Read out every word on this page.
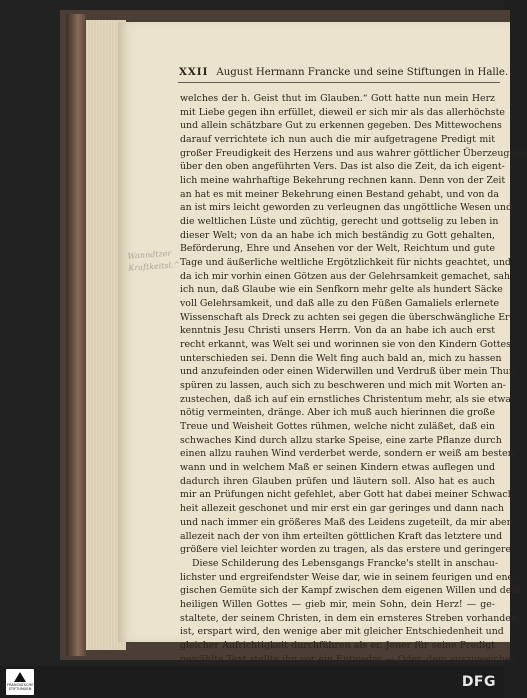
XXII August Hermann Francke und seine Stiftungen in Halle.
Wanndtzer
Kraftkeitsl.^
welches der h. Geist thut im Glauben.“ Gott hatte nun mein Herz
mit Liebe gegen ihn erfüllet, dieweil er sich mir als das allerhöchste
und allein schätzbare Gut zu erkennen gegeben. Des Mittewochens
darauf verrichtete ich nun auch die mir aufgetragene Predigt mit
großer Freudigkeit des Herzens und aus wahrer göttlicher Überzeugung
über den oben angeführten Vers. Das ist also die Zeit, da ich eigent-
lich meine wahrhaftige Bekehrung rechnen kann. Denn von der Zeit
an hat es mit meiner Bekehrung einen Bestand gehabt, und von da
an ist mirs leicht geworden zu verleugnen das ungöttliche Wesen und
die weltlichen Lüste und züchtig, gerecht und gottselig zu leben in
dieser Welt; von da an habe ich mich beständig zu Gott gehalten,
Beförderung, Ehre und Ansehen vor der Welt, Reichtum und gute
Tage und äußerliche weltliche Ergötzlichkeit für nichts geachtet, und
da ich mir vorhin einen Götzen aus der Gelehrsamkeit gemachet, sah
ich nun, daß Glaube wie ein Senfkorn mehr gelte als hundert Säcke
voll Gelehrsamkeit, und daß alle zu den Füßen Gamaliels erlernete
Wissenschaft als Dreck zu achten sei gegen die überschwängliche Er-
kenntnis Jesu Christi unsers Herrn. Von da an habe ich auch erst
recht erkannt, was Welt sei und worinnen sie von den Kindern Gottes
unterschieden sei. Denn die Welt fing auch bald an, mich zu hassen
und anzufeinden oder einen Widerwillen und Verdruß über mein Thun
spüren zu lassen, auch sich zu beschweren und mich mit Worten an-
zustechen, daß ich auf ein ernstliches Christentum mehr, als sie etwa
nötig vermeinten, dränge. Aber ich muß auch hierinnen die große
Treue und Weisheit Gottes rühmen, welche nicht zuläßet, daß ein
schwaches Kind durch allzu starke Speise, eine zarte Pflanze durch
einen allzu rauhen Wind verderbet werde, sondern er weiß am besten,
wann und in welchem Maß er seinen Kindern etwas auflegen und
dadurch ihren Glauben prüfen und läutern soll. Also hat es auch
mir an Prüfungen nicht gefehlet, aber Gott hat dabei meiner Schwach-
heit allezeit geschonet und mir erst ein gar geringes und dann nach
und nach immer ein größeres Maß des Leidens zugeteilt, da mir aber
allezeit nach der von ihm erteilten göttlichen Kraft das letztere und
größere viel leichter worden zu tragen, als das erstere und geringere.“
Diese Schilderung des Lebensgangs Francke's stellt in anschau-
lichster und ergreifendster Weise dar, wie in seinem feurigen und ener-
gischen Gemüte sich der Kampf zwischen dem eigenen Willen und dem
heiligen Willen Gottes — gieb mir, mein Sohn, dein Herz! — ge-
staltete, der seinem Christen, in dem ein ernsteres Streben vorhanden
ist, erspart wird, den wenige aber mit gleicher Entschiedenheit und
gleicher Aufrichtigkeit durchführen als er. Jener für seine Predigt
gewählte Text stellte ihn vor ein Entweder — Oder, dem auszuweichen
FRANCKESCHE STIFTUNGEN	DFG
